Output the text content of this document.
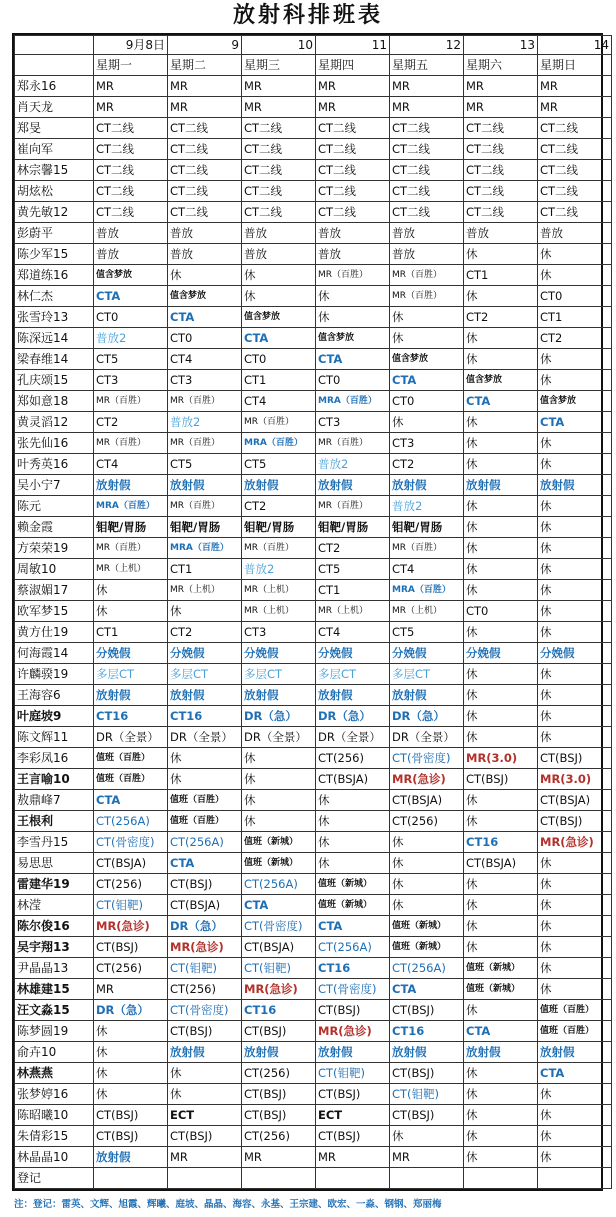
放射科排班表
	9月8日	9	10	11	12	13	14
	星期一	星期二	星期三	星期四	星期五	星期六	星期日
郑永16	MR	MR	MR	MR	MR	MR	MR
肖天龙	MR	MR	MR	MR	MR	MR	MR
郑旻	CT二线	CT二线	CT二线	CT二线	CT二线	CT二线	CT二线
崔向军	CT二线	CT二线	CT二线	CT二线	CT二线	CT二线	CT二线
林宗馨15	CT二线	CT二线	CT二线	CT二线	CT二线	CT二线	CT二线
胡炫松	CT二线	CT二线	CT二线	CT二线	CT二线	CT二线	CT二线
黄先敏12	CT二线	CT二线	CT二线	CT二线	CT二线	CT二线	CT二线
彭蔚平	普放	普放	普放	普放	普放	普放	普放
陈少军15	普放	普放	普放	普放	普放	休	休
郑道练16	值含梦放	休	休	MR（百胜）	MR（百胜）	CT1	休
林仁杰	CTA	值含梦放	休	休	MR（百胜）	休	CT0
张雪玲13	CT0	CTA	值含梦放	休	休	CT2	CT1
陈深远14	普放2	CT0	CTA	值含梦放	休	休	CT2
梁春维14	CT5	CT4	CT0	CTA	值含梦放	休	休
孔庆颂15	CT3	CT3	CT1	CT0	CTA	值含梦放	休
郑如意18	MR（百胜）	MR（百胜）	CT4	MRA（百胜）	CT0	CTA	值含梦放
黄灵滔12	CT2	普放2	MR（百胜）	CT3	休	休	CTA
张先仙16	MR（百胜）	MR（百胜）	MRA（百胜）	MR（百胜）	CT3	休	休
叶秀英16	CT4	CT5	CT5	普放2	CT2	休	休
吴小宁7	放射假	放射假	放射假	放射假	放射假	放射假	放射假
陈元	MRA（百胜）	MR（百胜）	CT2	MR（百胜）	普放2	休	休
赖金霞	钼靶/胃肠	钼靶/胃肠	钼靶/胃肠	钼靶/胃肠	钼靶/胃肠	休	休
方荣荣19	MR（百胜）	MRA（百胜）	MR（百胜）	CT2	MR（百胜）	休	休
周敏10	MR（上机）	CT1	普放2	CT5	CT4	休	休
蔡淑媚17	休	MR（上机）	MR（上机）	CT1	MRA（百胜）	休	休
欧军梦15	休	休	MR（上机）	MR（上机）	MR（上机）	CT0	休
黄方仕19	CT1	CT2	CT3	CT4	CT5	休	休
何海霞14	分娩假	分娩假	分娩假	分娩假	分娩假	分娩假	分娩假
许麟骙19	多层CT	多层CT	多层CT	多层CT	多层CT	休	休
王海容6	放射假	放射假	放射假	放射假	放射假	休	休
叶庭坡9	CT16	CT16	DR（急）	DR（急）	DR（急）	休	休
陈文辉11	DR（全景）	DR（全景）	DR（全景）	DR（全景）	DR（全景）	休	休
李彩凤16	值班（百胜）	休	休	CT(256)	CT(骨密度)	MR(3.0)	CT(BSJ)
王言喻10	值班（百胜）	休	休	CT(BSJA)	MR(急诊)	CT(BSJ)	MR(3.0)
敖鼎峰7	CTA	值班（百胜）	休	休	CT(BSJA)	休	CT(BSJA)
王根利	CT(256A)	值班（百胜）	休	休	CT(256)	休	CT(BSJ)
李雪丹15	CT(骨密度)	CT(256A)	值班（新城）	休	休	CT16	MR(急诊)
易思思	CT(BSJA)	CTA	值班（新城）	休	休	CT(BSJA)	休
雷建华19	CT(256)	CT(BSJ)	CT(256A)	值班（新城）	休	休	休
林滢	CT(钼靶)	CT(BSJA)	CTA	值班（新城）	休	休	休
陈尔俊16	MR(急诊)	DR（急）	CT(骨密度)	CTA	值班（新城）	休	休
吴宇翔13	CT(BSJ)	MR(急诊)	CT(BSJA)	CT(256A)	值班（新城）	休	休
尹晶晶13	CT(256)	CT(钼靶)	CT(钼靶)	CT16	CT(256A)	值班（新城）	休
林雄建15	MR	CT(256)	MR(急诊)	CT(骨密度)	CTA	值班（新城）	休
汪文淼15	DR（急）	CT(骨密度)	CT16	CT(BSJ)	CT(BSJ)	休	值班（百胜）
陈梦圆19	休	CT(BSJ)	CT(BSJ)	MR(急诊)	CT16	CTA	值班（百胜）
俞卉10	休	放射假	放射假	放射假	放射假	放射假	放射假
林燕燕	休	休	CT(256)	CT(钼靶)	CT(BSJ)	休	CTA
张梦婷16	休	休	CT(BSJ)	CT(BSJ)	CT(钼靶)	休	休
陈昭曦10	CT(BSJ)	ECT	CT(BSJ)	ECT	CT(BSJ)	休	休
朱倩彩15	CT(BSJ)	CT(BSJ)	CT(256)	CT(BSJ)	休	休	休
林晶晶10	放射假	MR	MR	MR	MR	休	休
登记							
注：登记：雷英、文辉、旭霞、辉曦、庭坡、晶晶、海容、永基、王宗建、欧宏、一淼、钢钢、郑丽梅
